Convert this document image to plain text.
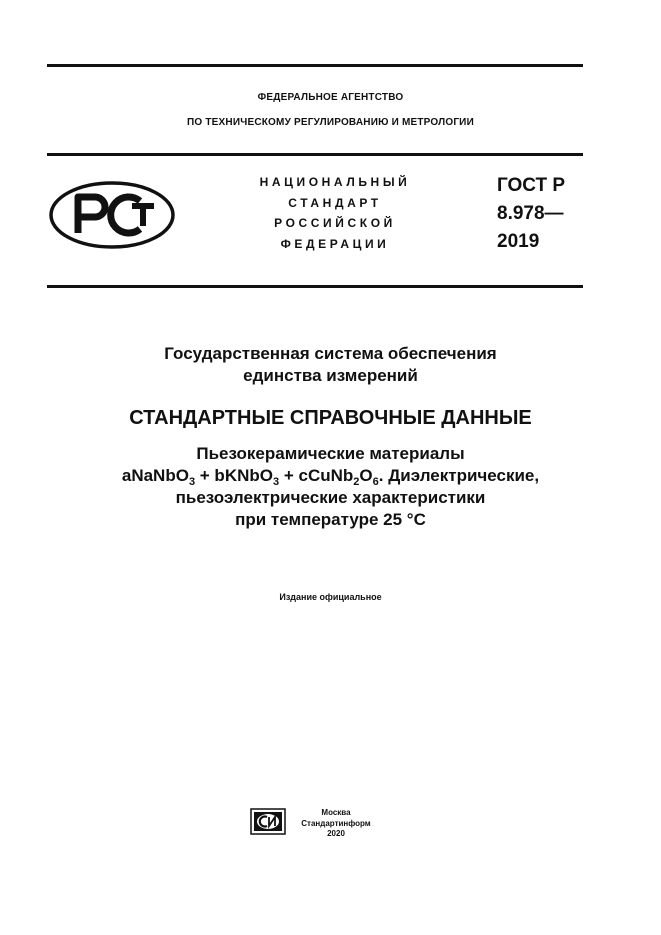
ФЕДЕРАЛЬНОЕ АГЕНТСТВО
ПО ТЕХНИЧЕСКОМУ РЕГУЛИРОВАНИЮ И МЕТРОЛОГИИ
НАЦИОНАЛЬНЫЙ
СТАНДАРТ
РОССИЙСКОЙ
ФЕДЕРАЦИИ
ГОСТ Р
8.978—
2019
Государственная система обеспечения
единства измерений
СТАНДАРТНЫЕ СПРАВОЧНЫЕ ДАННЫЕ
Пьезокерамические материалы
aNaNbO$_3$ + bKNbO$_3$ + $cCuNb_2O_6$. Диэлектрические,
пьезоэлектрические характеристики
при температуре 25 °С
Издание официальное
Москва
Стандартинформ
2020
